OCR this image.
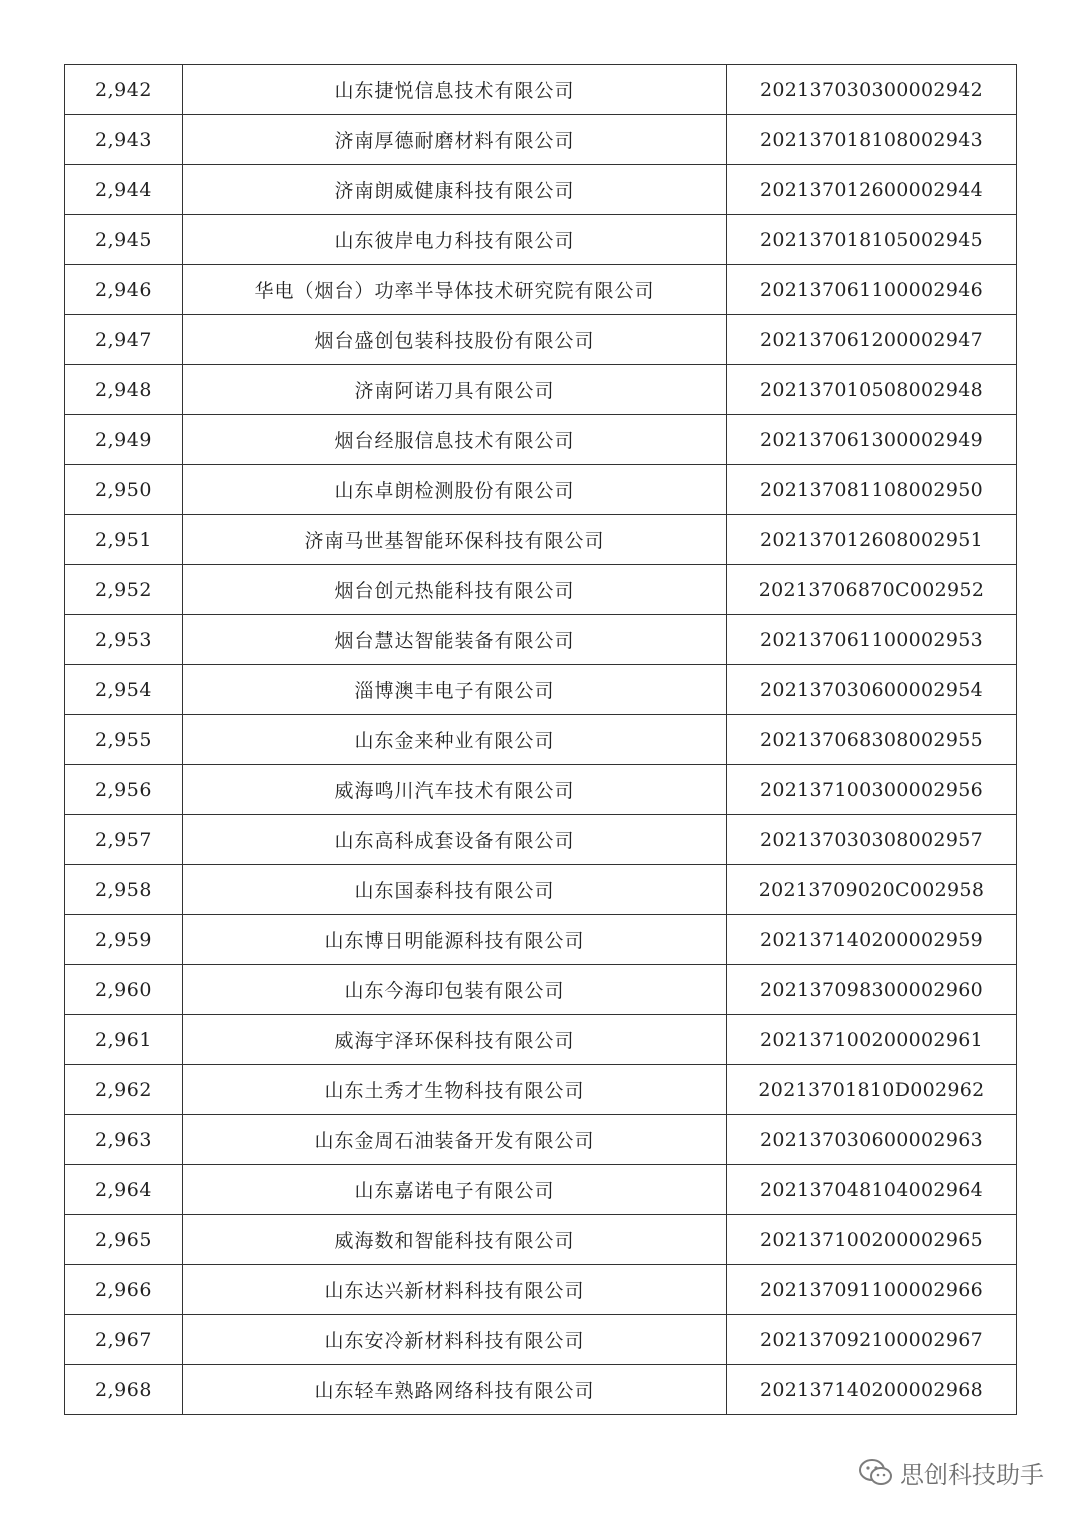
2,942	山东捷悦信息技术有限公司	202137030300002942
2,943	济南厚德耐磨材料有限公司	202137018108002943
2,944	济南朗威健康科技有限公司	202137012600002944
2,945	山东彼岸电力科技有限公司	202137018105002945
2,946	华电（烟台）功率半导体技术研究院有限公司	202137061100002946
2,947	烟台盛创包装科技股份有限公司	202137061200002947
2,948	济南阿诺刀具有限公司	202137010508002948
2,949	烟台经服信息技术有限公司	202137061300002949
2,950	山东卓朗检测股份有限公司	202137081108002950
2,951	济南马世基智能环保科技有限公司	202137012608002951
2,952	烟台创元热能科技有限公司	20213706870C002952
2,953	烟台慧达智能装备有限公司	202137061100002953
2,954	淄博澳丰电子有限公司	202137030600002954
2,955	山东金来种业有限公司	202137068308002955
2,956	威海鸣川汽车技术有限公司	202137100300002956
2,957	山东高科成套设备有限公司	202137030308002957
2,958	山东国泰科技有限公司	20213709020C002958
2,959	山东博日明能源科技有限公司	202137140200002959
2,960	山东今海印包装有限公司	202137098300002960
2,961	威海宇泽环保科技有限公司	202137100200002961
2,962	山东土秀才生物科技有限公司	20213701810D002962
2,963	山东金周石油装备开发有限公司	202137030600002963
2,964	山东嘉诺电子有限公司	202137048104002964
2,965	威海数和智能科技有限公司	202137100200002965
2,966	山东达兴新材料科技有限公司	202137091100002966
2,967	山东安冷新材料科技有限公司	202137092100002967
2,968	山东轻车熟路网络科技有限公司	202137140200002968
思创科技助手
